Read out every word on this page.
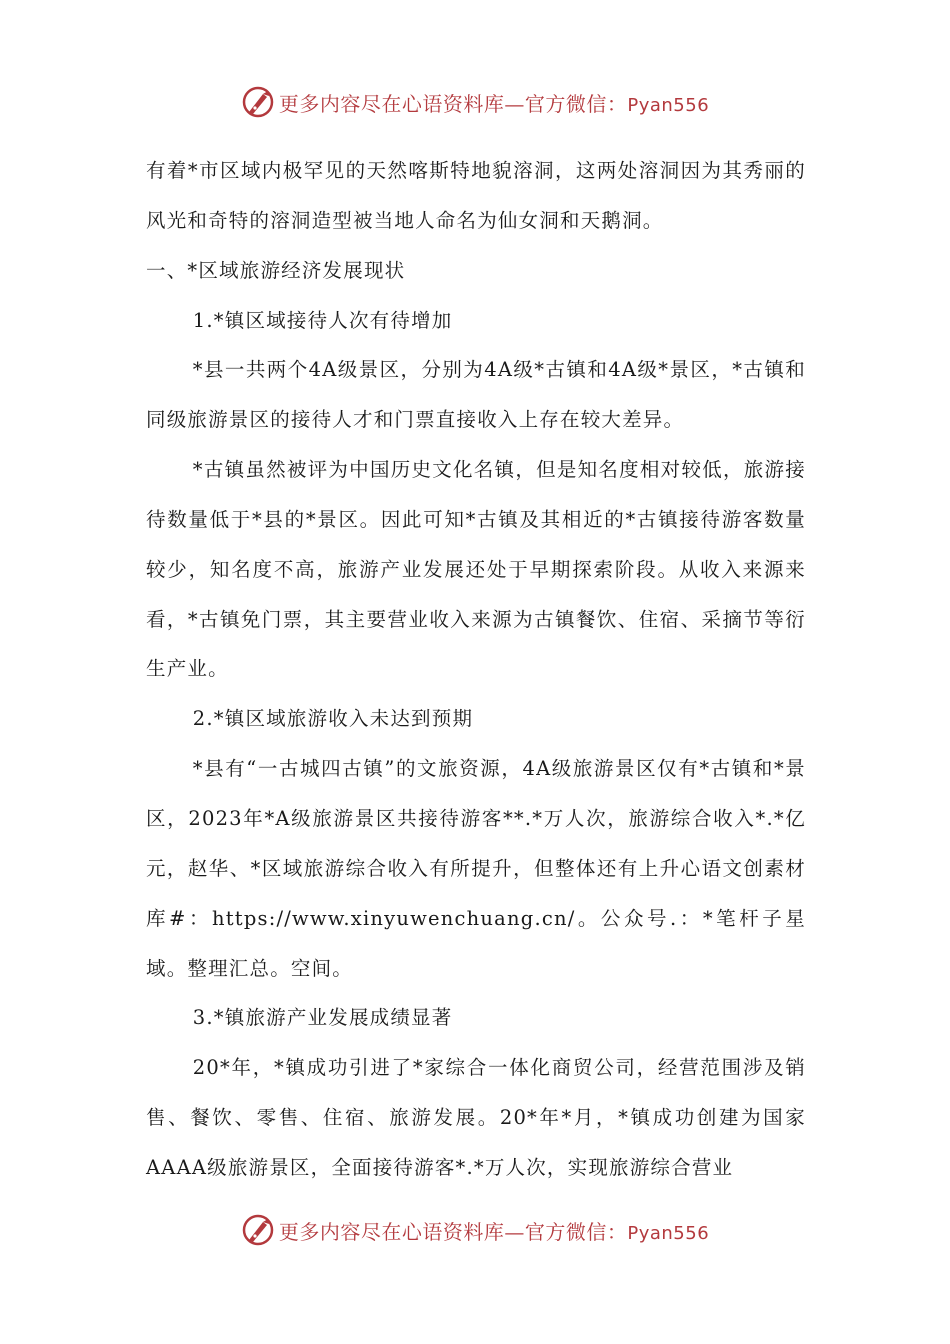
更多内容尽在心语资料库—官方微信：Pyan556

有着*市区域内极罕见的天然喀斯特地貌溶洞，这两处溶洞因为其秀丽的风光和奇特的溶洞造型被当地人命名为仙女洞和天鹅洞。

一、*区域旅游经济发展现状

1.*镇区域接待人次有待增加

*县一共两个4A级景区，分别为4A级*古镇和4A级*景区，*古镇和同级旅游景区的接待人才和门票直接收入上存在较大差异。

*古镇虽然被评为中国历史文化名镇，但是知名度相对较低，旅游接待数量低于*县的*景区。因此可知*古镇及其相近的*古镇接待游客数量较少，知名度不高，旅游产业发展还处于早期探索阶段。从收入来源来看，*古镇免门票，其主要营业收入来源为古镇餐饮、住宿、采摘节等衍生产业。

2.*镇区域旅游收入未达到预期

*县有“一古城四古镇”的文旅资源，4A级旅游景区仅有*古镇和*景区，2023年*A级旅游景区共接待游客**.*万人次，旅游综合收入*.*亿元，赵华、*区域旅游综合收入有所提升，但整体还有上升心语文创素材库#：https://www.xinyuwenchuang.cn/。公众号.：*笔杆子星域。整理汇总。空间。

3.*镇旅游产业发展成绩显著

20*年，*镇成功引进了*家综合一体化商贸公司，经营范围涉及销售、餐饮、零售、住宿、旅游发展。20*年*月，*镇成功创建为国家AAAA级旅游景区，全面接待游客*.*万人次，实现旅游综合营业

更多内容尽在心语资料库—官方微信：Pyan556
